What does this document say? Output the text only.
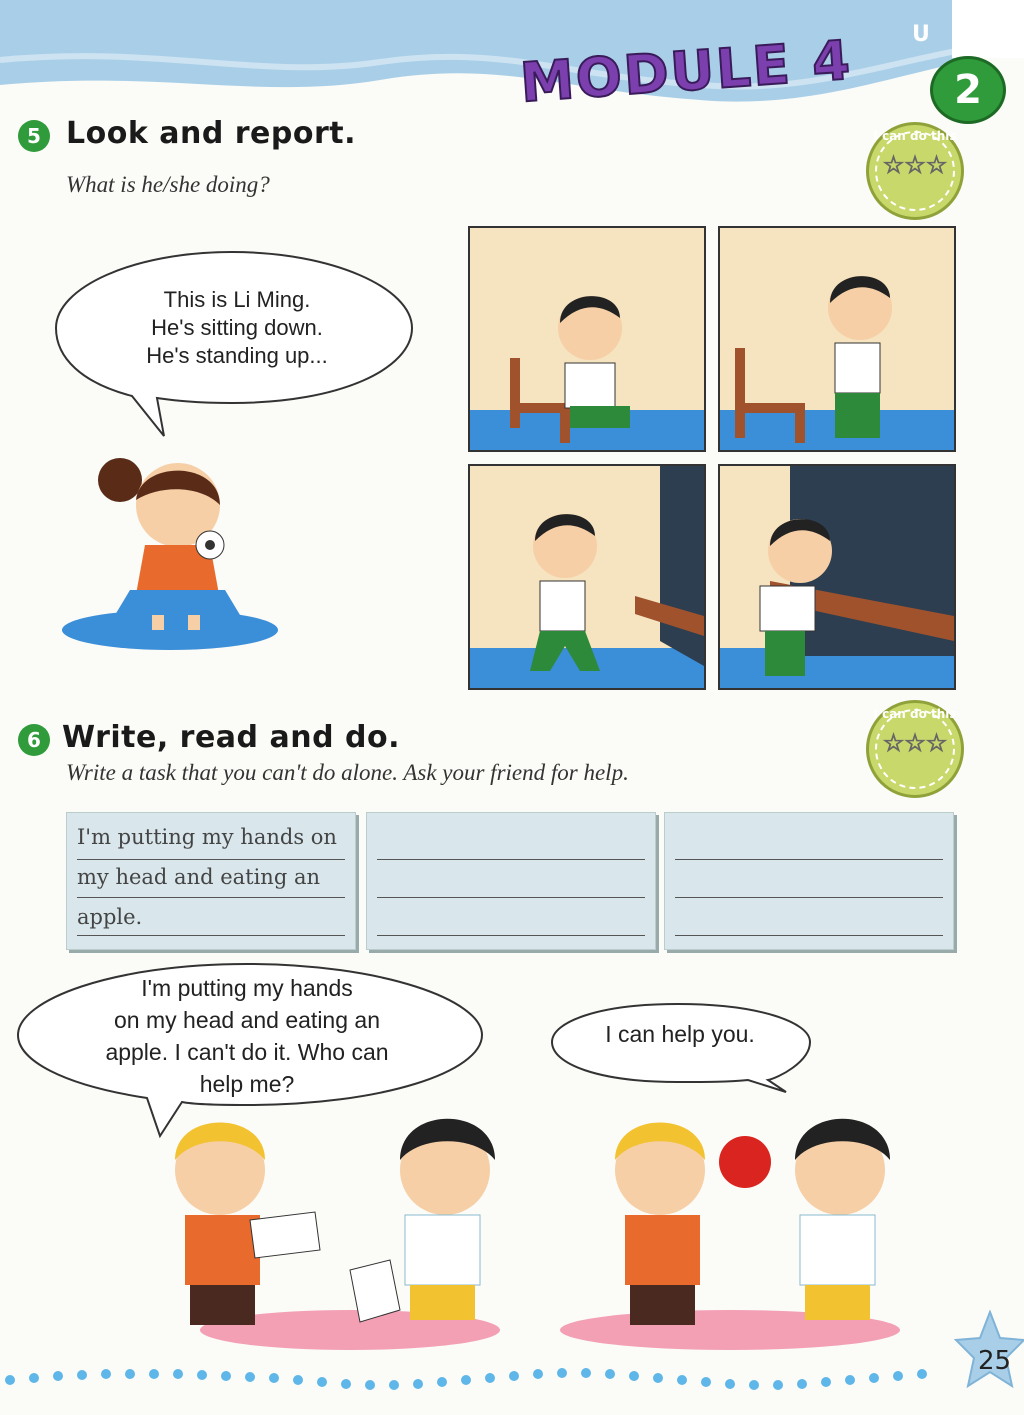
MODULE 4	2
U
5 Look and report.
What is he/she doing?
I can do this
☆☆☆
This is Li Ming.
He's sitting down.
He's standing up...
6 Write, read and do.
Write a task that you can't do alone. Ask your friend for help.
I can do this
☆☆☆
I'm putting my hands on
my head and eating an
apple.
I'm putting my hands
on my head and eating an
apple. I can't do it. Who can
help me?
I can help you.
25
